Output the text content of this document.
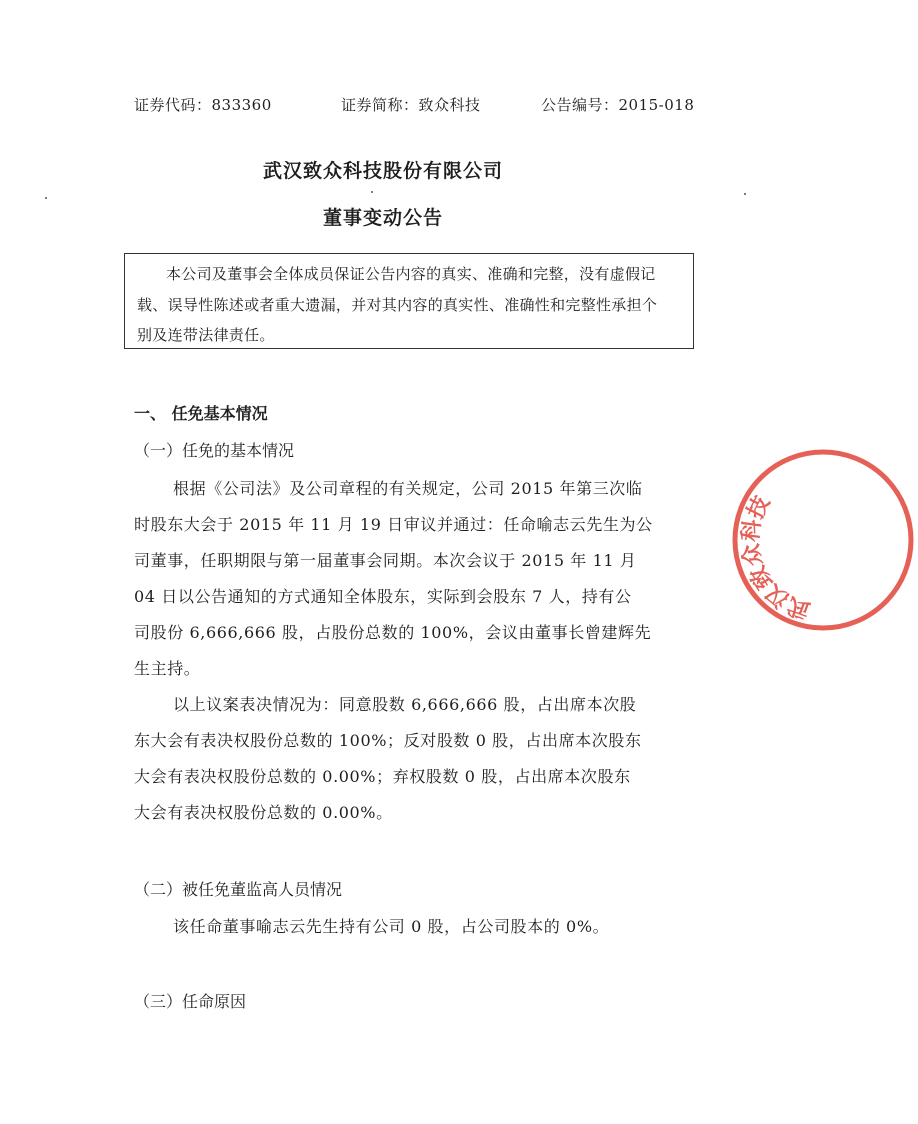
证券代码：833360	证券简称：致众科技	公告编号：2015-018
武汉致众科技股份有限公司
董事变动公告
本公司及董事会全体成员保证公告内容的真实、准确和完整，没有虚假记
载、误导性陈述或者重大遗漏，并对其内容的真实性、准确性和完整性承担个
别及连带法律责任。
一、 任免基本情况
（一）任免的基本情况
根据《公司法》及公司章程的有关规定，公司 2015 年第三次临
时股东大会于 2015 年 11 月 19 日审议并通过：任命喻志云先生为公
司董事，任职期限与第一届董事会同期。本次会议于 2015 年 11 月
04 日以公告通知的方式通知全体股东，实际到会股东 7 人，持有公
司股份 6,666,666 股，占股份总数的 100%，会议由董事长曾建辉先
生主持。
以上议案表决情况为：同意股数 6,666,666 股，占出席本次股
东大会有表决权股份总数的 100%；反对股数 0 股，占出席本次股东
大会有表决权股份总数的 0.00%；弃权股数 0 股，占出席本次股东
大会有表决权股份总数的 0.00%。
（二）被任免董监高人员情况
该任命董事喻志云先生持有公司 0 股，占公司股本的 0%。
（三）任命原因
武汉致众科技
